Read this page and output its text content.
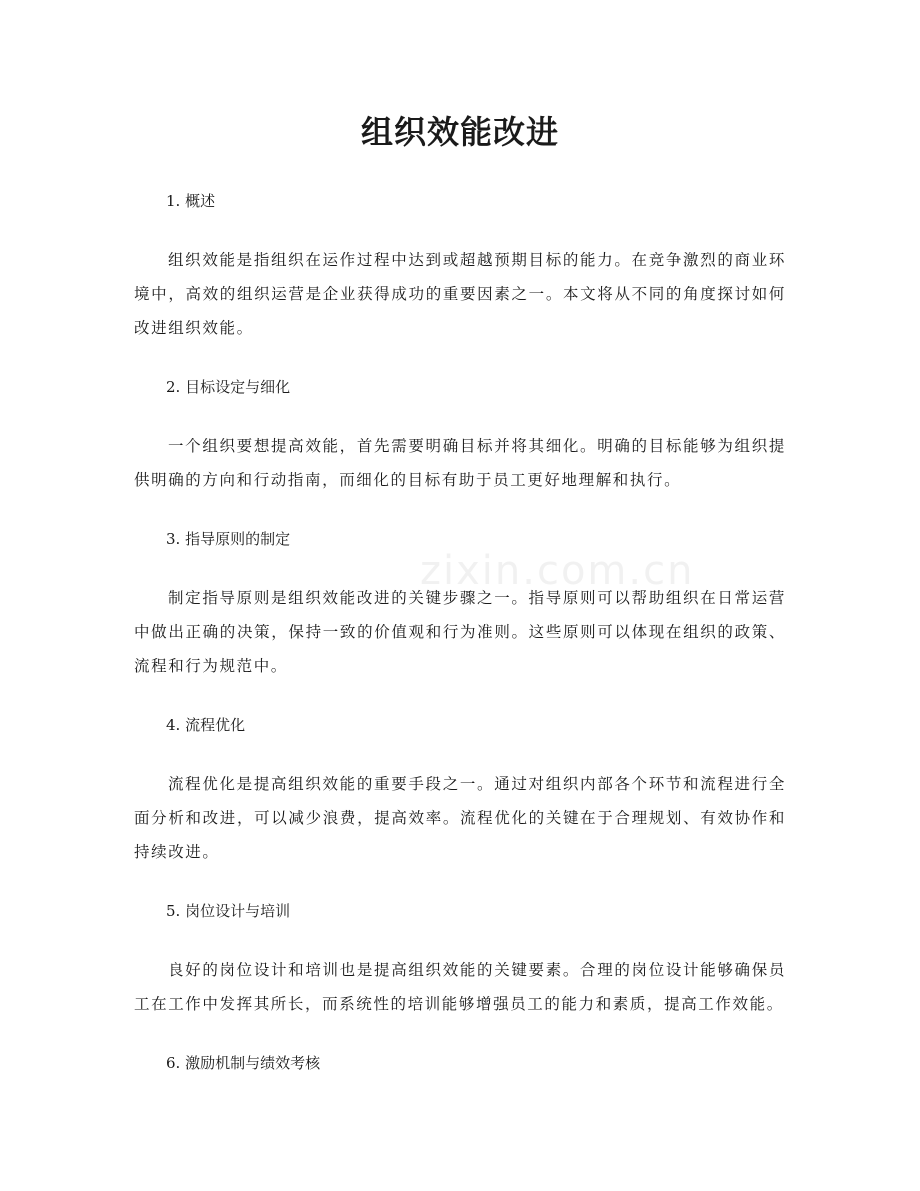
组织效能改进
1. 概述

组织效能是指组织在运作过程中达到或超越预期目标的能力。在竞争激烈的商业环境中，高效的组织运营是企业获得成功的重要因素之一。本文将从不同的角度探讨如何改进组织效能。

2. 目标设定与细化

一个组织要想提高效能，首先需要明确目标并将其细化。明确的目标能够为组织提供明确的方向和行动指南，而细化的目标有助于员工更好地理解和执行。

3. 指导原则的制定

制定指导原则是组织效能改进的关键步骤之一。指导原则可以帮助组织在日常运营中做出正确的决策，保持一致的价值观和行为准则。这些原则可以体现在组织的政策、流程和行为规范中。

4. 流程优化

流程优化是提高组织效能的重要手段之一。通过对组织内部各个环节和流程进行全面分析和改进，可以减少浪费，提高效率。流程优化的关键在于合理规划、有效协作和持续改进。

5. 岗位设计与培训

良好的岗位设计和培训也是提高组织效能的关键要素。合理的岗位设计能够确保员工在工作中发挥其所长，而系统性的培训能够增强员工的能力和素质，提高工作效能。

6. 激励机制与绩效考核
zixin.com.cn
